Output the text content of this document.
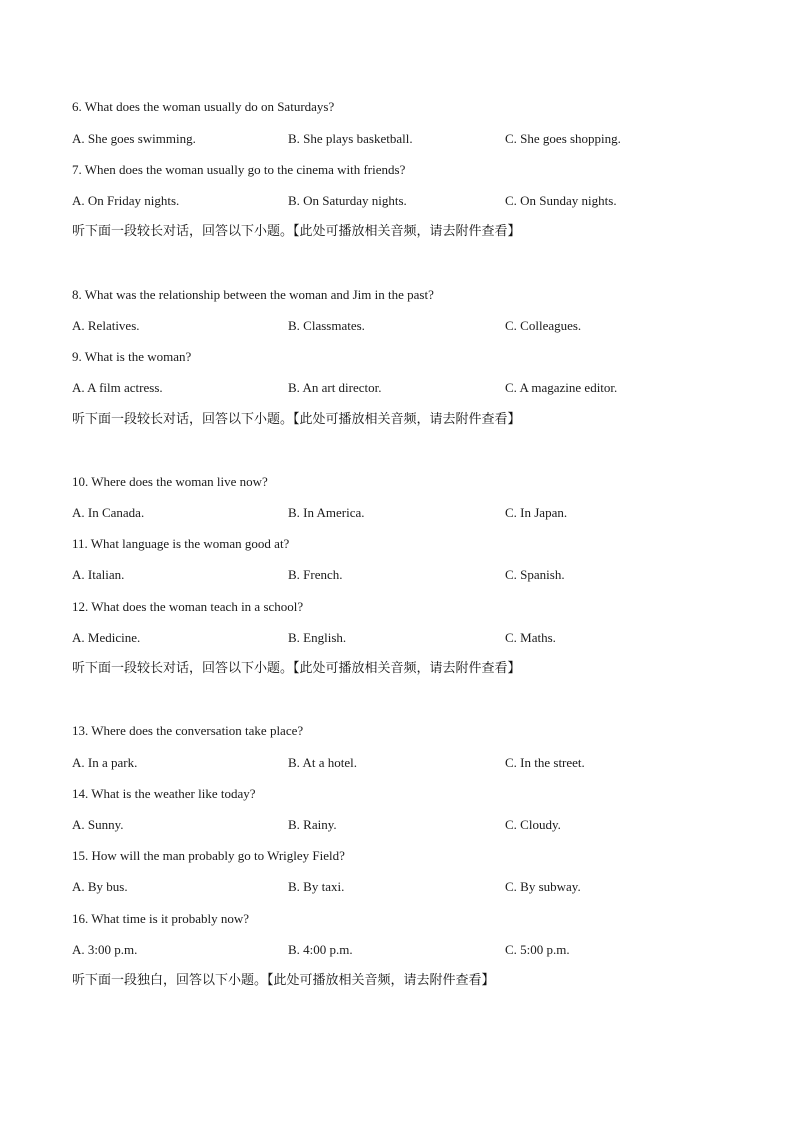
6. What does the woman usually do on Saturdays?
A. She goes swimming.	B. She plays basketball.	C. She goes shopping.
7. When does the woman usually go to the cinema with friends?
A. On Friday nights.	B. On Saturday nights.	C. On Sunday nights.
听下面一段较长对话，回答以下小题。【此处可播放相关音频，请去附件查看】
8. What was the relationship between the woman and Jim in the past?
A. Relatives.	B. Classmates.	C. Colleagues.
9. What is the woman?
A. A film actress.	B. An art director.	C. A magazine editor.
听下面一段较长对话，回答以下小题。【此处可播放相关音频，请去附件查看】
10. Where does the woman live now?
A. In Canada.	B. In America.	C. In Japan.
11. What language is the woman good at?
A. Italian.	B. French.	C. Spanish.
12. What does the woman teach in a school?
A. Medicine.	B. English.	C. Maths.
听下面一段较长对话，回答以下小题。【此处可播放相关音频，请去附件查看】
13. Where does the conversation take place?
A. In a park.	B. At a hotel.	C. In the street.
14. What is the weather like today?
A. Sunny.	B. Rainy.	C. Cloudy.
15. How will the man probably go to Wrigley Field?
A. By bus.	B. By taxi.	C. By subway.
16. What time is it probably now?
A. 3:00 p.m.	B. 4:00 p.m.	C. 5:00 p.m.
听下面一段独白，回答以下小题。【此处可播放相关音频，请去附件查看】
